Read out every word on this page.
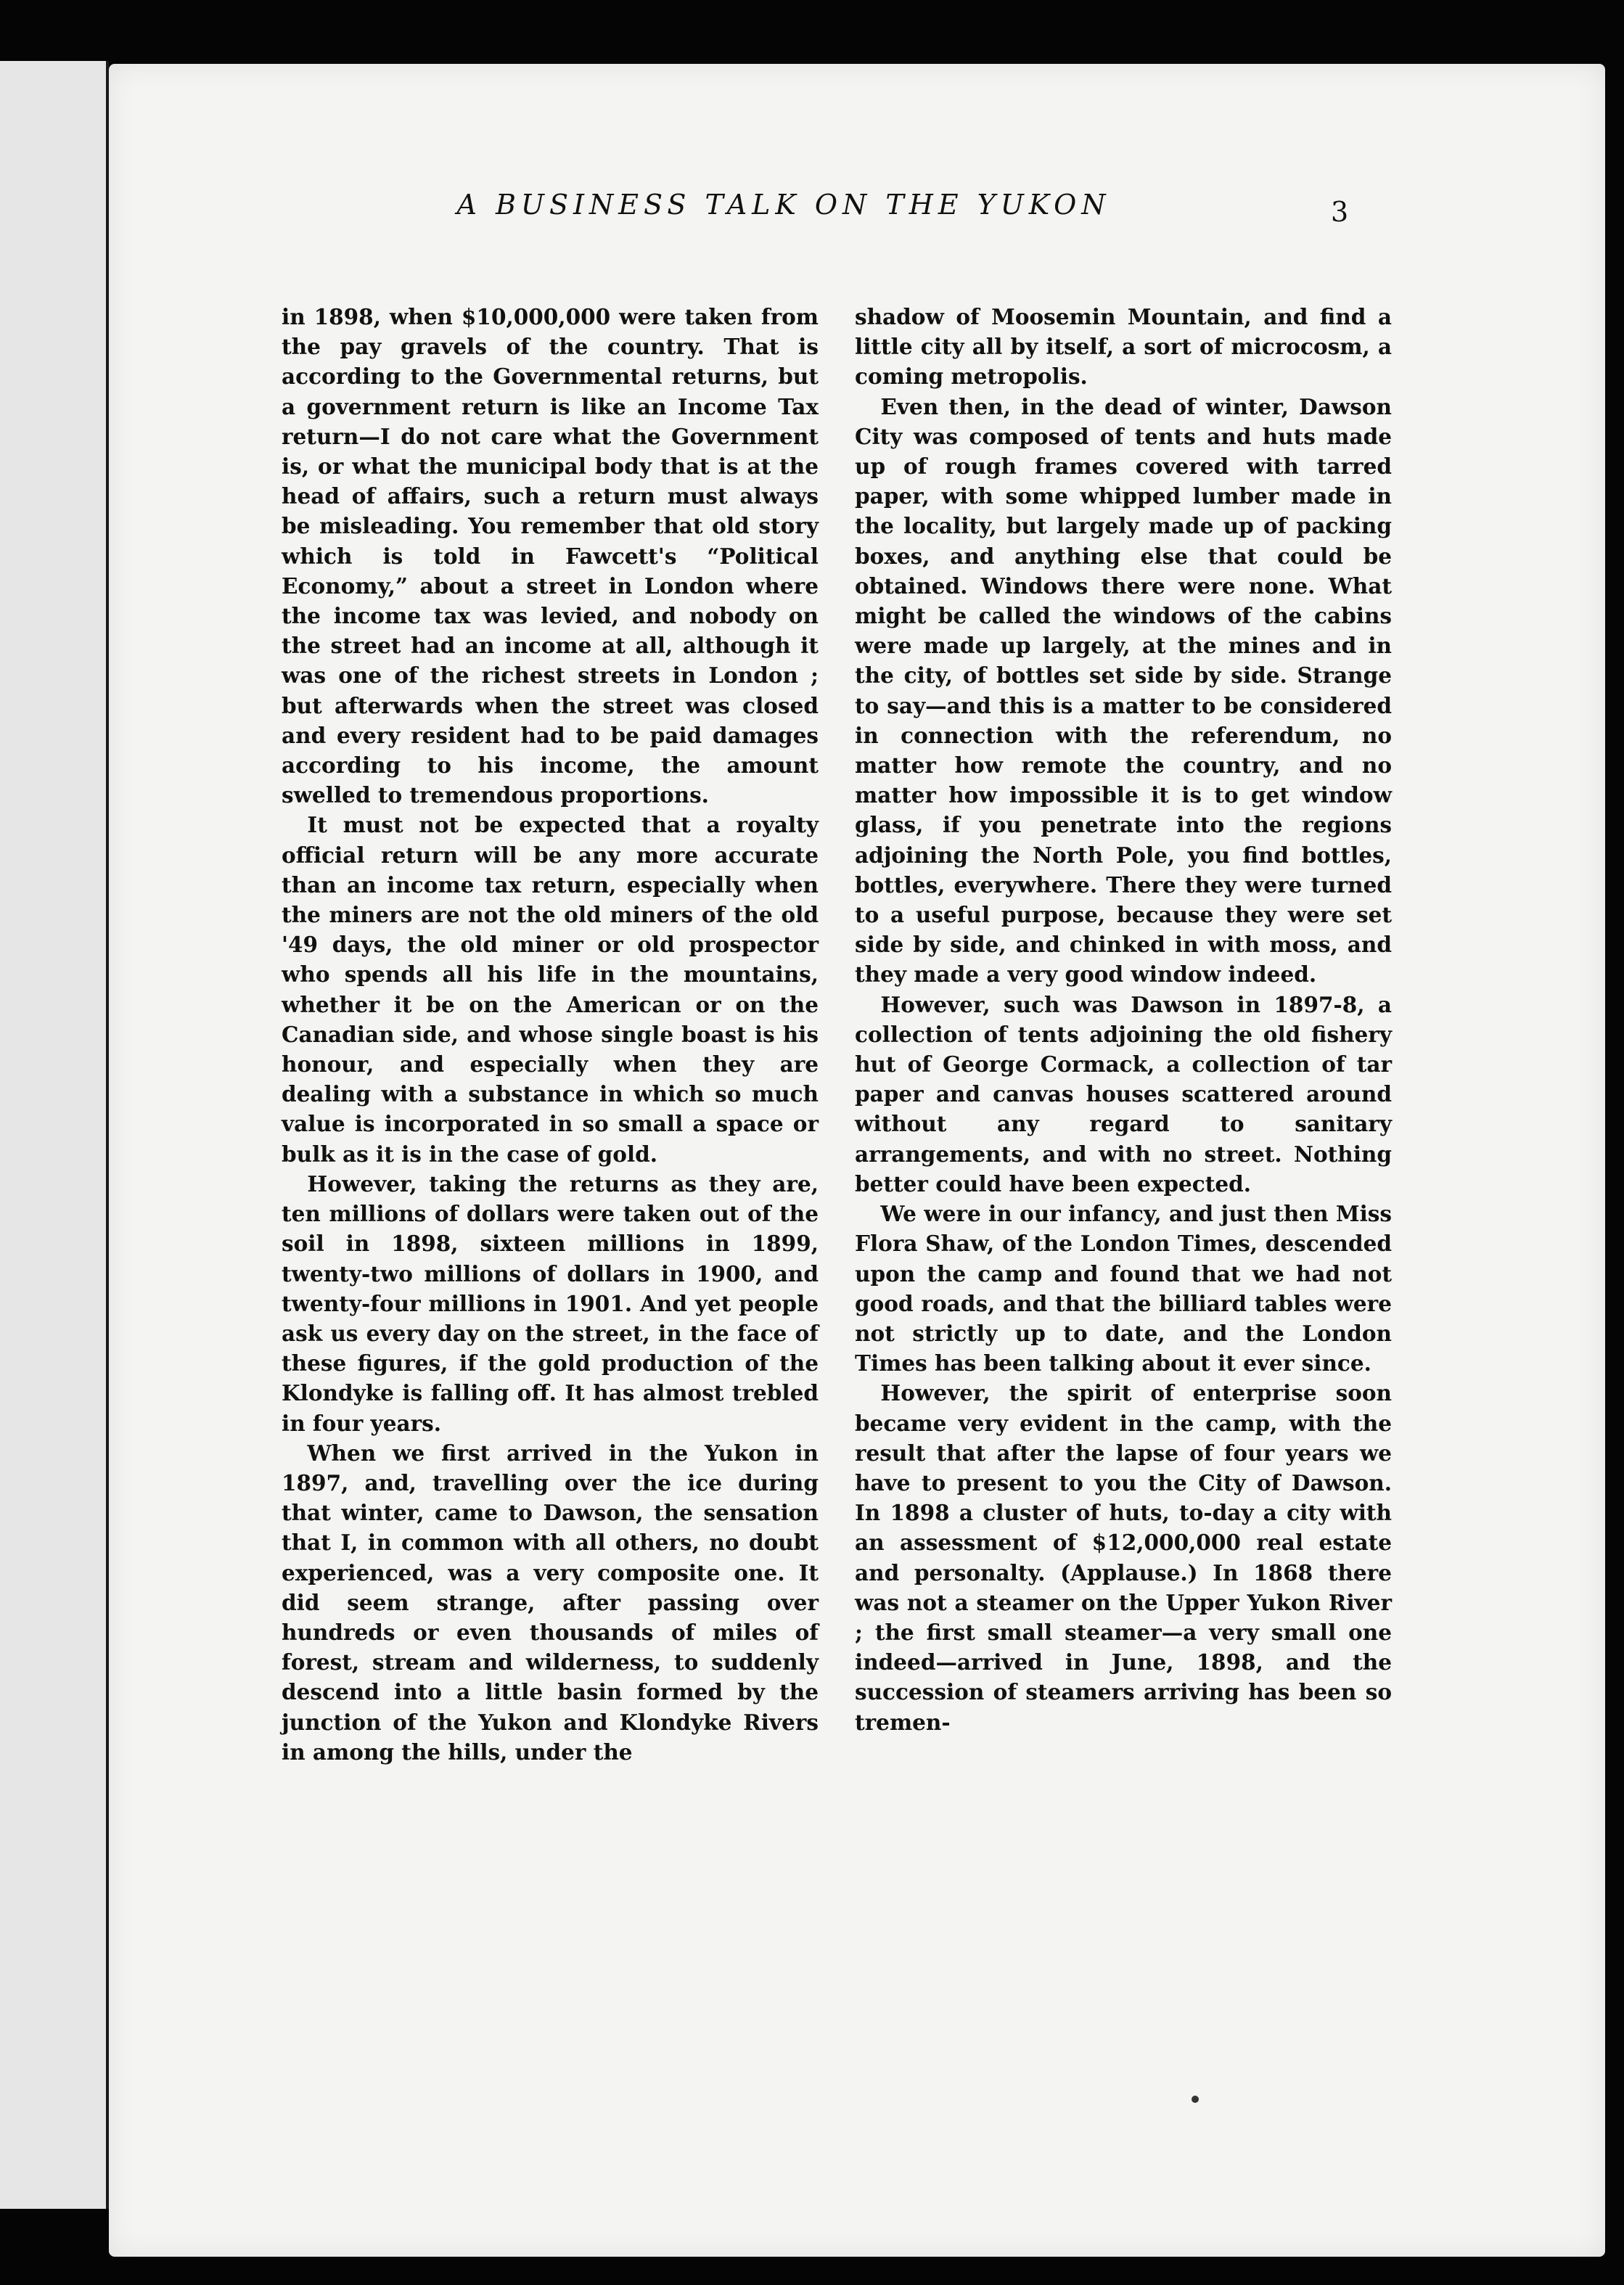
A BUSINESS TALK ON THE YUKON	3

in 1898, when $10,000,000 were taken from the pay gravels of the country. That is according to the Governmental returns, but a government return is like an Income Tax return—I do not care what the Government is, or what the municipal body that is at the head of affairs, such a return must always be misleading. You remember that old story which is told in Fawcett's “Political Economy,” about a street in London where the income tax was levied, and nobody on the street had an income at all, although it was one of the richest streets in London ; but afterwards when the street was closed and every resident had to be paid damages according to his income, the amount swelled to tremendous proportions.

It must not be expected that a royalty official return will be any more accurate than an income tax return, especially when the miners are not the old miners of the old '49 days, the old miner or old prospector who spends all his life in the mountains, whether it be on the American or on the Canadian side, and whose single boast is his honour, and especially when they are dealing with a substance in which so much value is incorporated in so small a space or bulk as it is in the case of gold.

However, taking the returns as they are, ten millions of dollars were taken out of the soil in 1898, sixteen millions in 1899, twenty-two millions of dollars in 1900, and twenty-four millions in 1901. And yet people ask us every day on the street, in the face of these figures, if the gold production of the Klondyke is falling off. It has almost trebled in four years.

When we first arrived in the Yukon in 1897, and, travelling over the ice during that winter, came to Dawson, the sensation that I, in common with all others, no doubt experienced, was a very composite one. It did seem strange, after passing over hundreds or even thousands of miles of forest, stream and wilderness, to suddenly descend into a little basin formed by the junction of the Yukon and Klondyke Rivers in among the hills, under the

shadow of Moosemin Mountain, and find a little city all by itself, a sort of microcosm, a coming metropolis.

Even then, in the dead of winter, Dawson City was composed of tents and huts made up of rough frames covered with tarred paper, with some whipped lumber made in the locality, but largely made up of packing boxes, and anything else that could be obtained. Windows there were none. What might be called the windows of the cabins were made up largely, at the mines and in the city, of bottles set side by side. Strange to say—and this is a matter to be considered in connection with the referendum, no matter how remote the country, and no matter how impossible it is to get window glass, if you penetrate into the regions adjoining the North Pole, you find bottles, bottles, everywhere. There they were turned to a useful purpose, because they were set side by side, and chinked in with moss, and they made a very good window indeed.

However, such was Dawson in 1897-8, a collection of tents adjoining the old fishery hut of George Cormack, a collection of tar paper and canvas houses scattered around without any regard to sanitary arrangements, and with no street. Nothing better could have been expected.

We were in our infancy, and just then Miss Flora Shaw, of the London Times, descended upon the camp and found that we had not good roads, and that the billiard tables were not strictly up to date, and the London Times has been talking about it ever since.

However, the spirit of enterprise soon became very evident in the camp, with the result that after the lapse of four years we have to present to you the City of Dawson. In 1898 a cluster of huts, to-day a city with an assessment of $12,000,000 real estate and personalty. (Applause.) In 1868 there was not a steamer on the Upper Yukon River ; the first small steamer—a very small one indeed—arrived in June, 1898, and the succession of steamers arriving has been so tremen-
